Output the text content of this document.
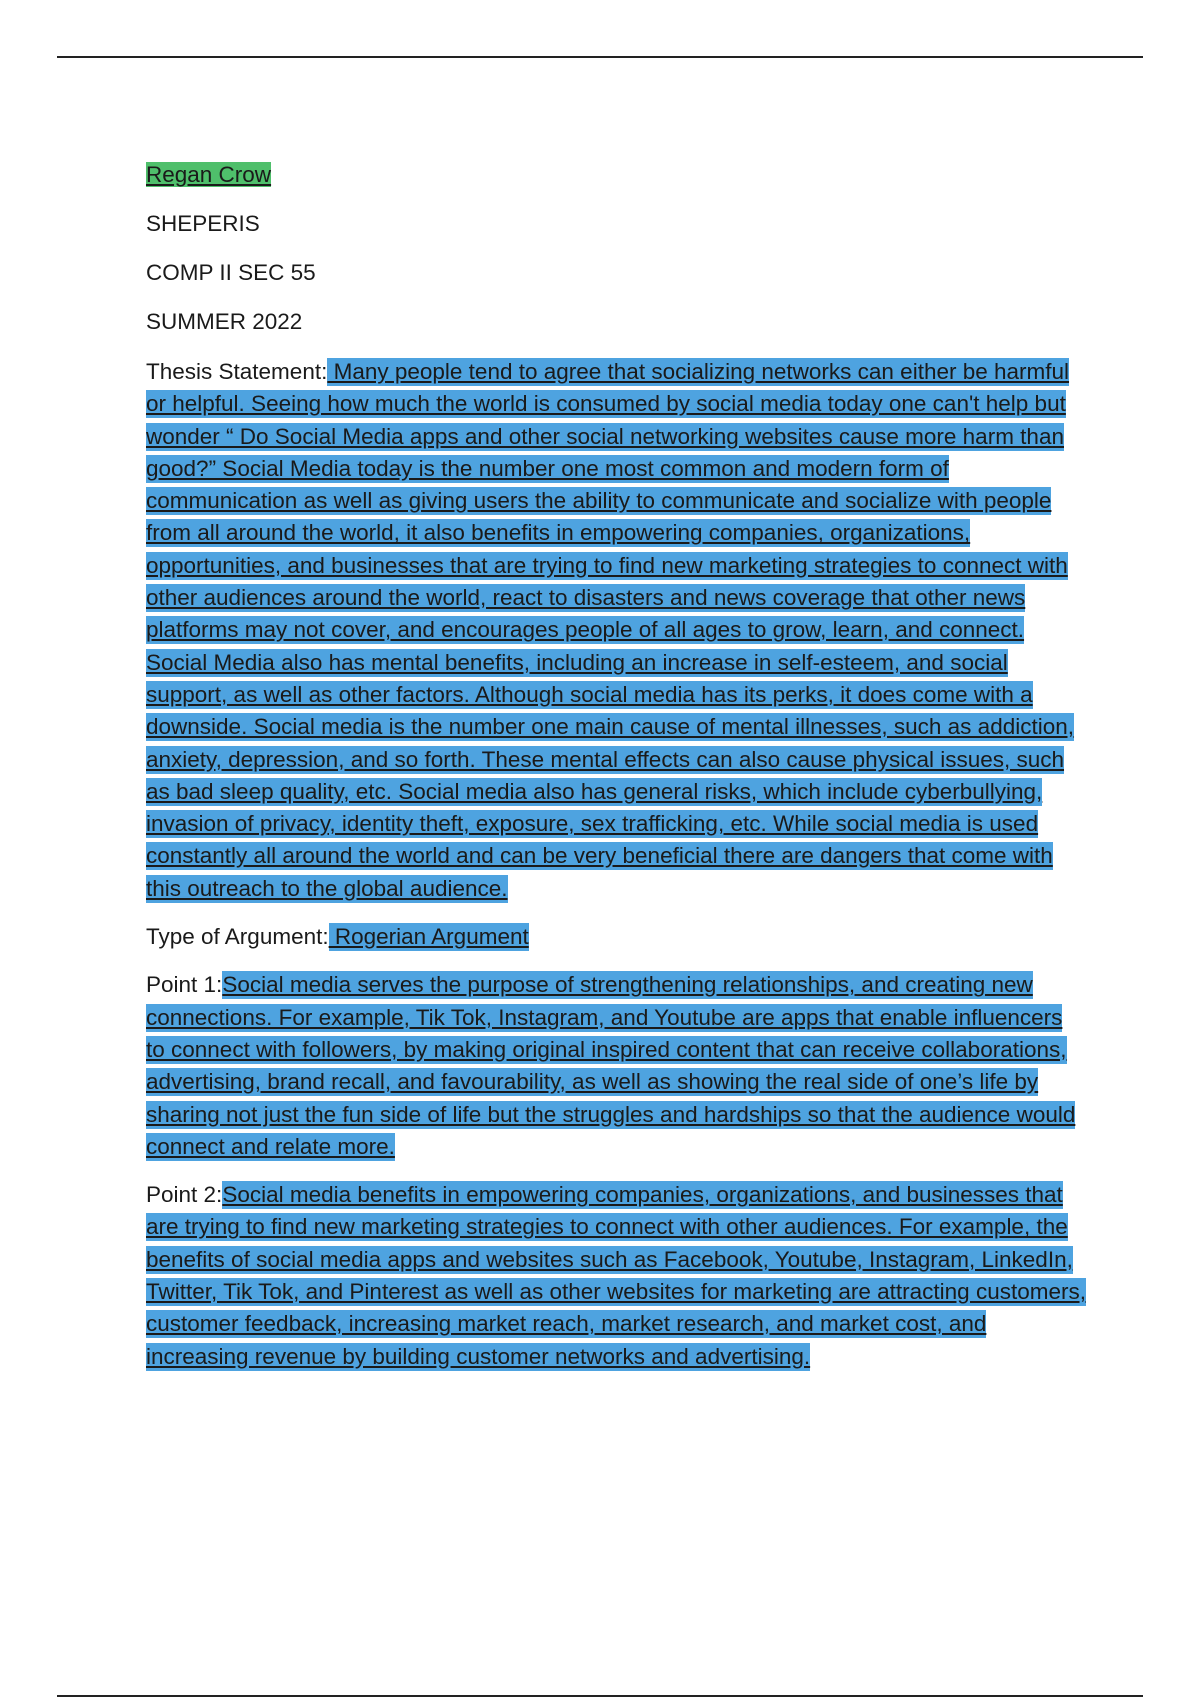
Regan Crow
SHEPERIS
COMP II SEC 55
SUMMER 2022

Thesis Statement: Many people tend to agree that socializing networks can either be harmful or helpful. Seeing how much the world is consumed by social media today one can't help but wonder “ Do Social Media apps and other social networking websites cause more harm than good?” Social Media today is the number one most common and modern form of communication as well as giving users the ability to communicate and socialize with people from all around the world, it also benefits in empowering companies, organizations, opportunities, and businesses that are trying to find new marketing strategies to connect with other audiences around the world, react to disasters and news coverage that other news platforms may not cover, and encourages people of all ages to grow, learn, and connect. Social Media also has mental benefits, including an increase in self-esteem, and social support, as well as other factors. Although social media has its perks, it does come with a downside. Social media is the number one main cause of mental illnesses, such as addiction, anxiety, depression, and so forth. These mental effects can also cause physical issues, such as bad sleep quality, etc. Social media also has general risks, which include cyberbullying, invasion of privacy, identity theft, exposure, sex trafficking, etc. While social media is used constantly all around the world and can be very beneficial there are dangers that come with this outreach to the global audience.

Type of Argument: Rogerian Argument

Point 1:Social media serves the purpose of strengthening relationships, and creating new connections. For example, Tik Tok, Instagram, and Youtube are apps that enable influencers to connect with followers, by making original inspired content that can receive collaborations, advertising, brand recall, and favourability, as well as showing the real side of one’s life by sharing not just the fun side of life but the struggles and hardships so that the audience would connect and relate more.

Point 2:Social media benefits in empowering companies, organizations, and businesses that are trying to find new marketing strategies to connect with other audiences. For example, the benefits of social media apps and websites such as Facebook, Youtube, Instagram, LinkedIn, Twitter, Tik Tok, and Pinterest as well as other websites for marketing are attracting customers, customer feedback, increasing market reach, market research, and market cost, and increasing revenue by building customer networks and advertising.
